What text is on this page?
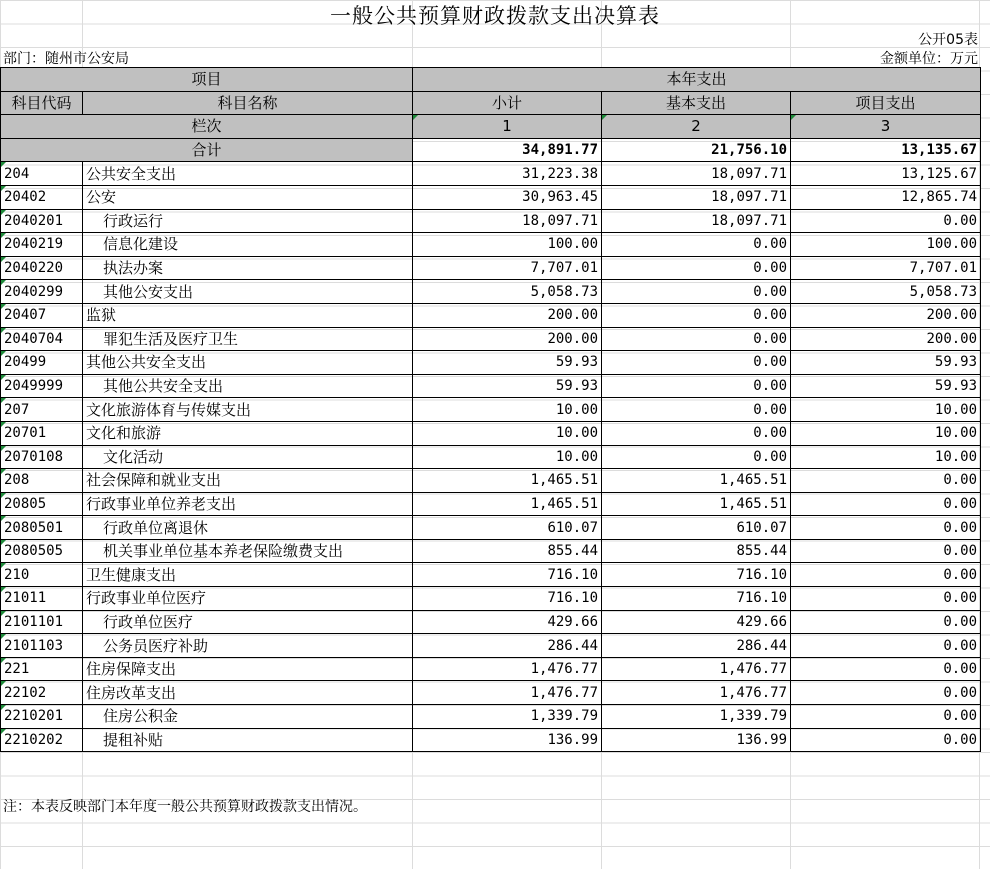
一般公共预算财政拨款支出决算表
公开05表
部门：随州市公安局	金额单位：万元
项目		本年支出		
科目代码	科目名称	小计	基本支出	项目支出
栏次		1	2	3
合计		34,891.77	21,756.10	13,135.67
204	公共安全支出	31,223.38	18,097.71	13,125.67
20402	公安	30,963.45	18,097.71	12,865.74
2040201	行政运行	18,097.71	18,097.71	0.00
2040219	信息化建设	100.00	0.00	100.00
2040220	执法办案	7,707.01	0.00	7,707.01
2040299	其他公安支出	5,058.73	0.00	5,058.73
20407	监狱	200.00	0.00	200.00
2040704	罪犯生活及医疗卫生	200.00	0.00	200.00
20499	其他公共安全支出	59.93	0.00	59.93
2049999	其他公共安全支出	59.93	0.00	59.93
207	文化旅游体育与传媒支出	10.00	0.00	10.00
20701	文化和旅游	10.00	0.00	10.00
2070108	文化活动	10.00	0.00	10.00
208	社会保障和就业支出	1,465.51	1,465.51	0.00
20805	行政事业单位养老支出	1,465.51	1,465.51	0.00
2080501	行政单位离退休	610.07	610.07	0.00
2080505	机关事业单位基本养老保险缴费支出	855.44	855.44	0.00
210	卫生健康支出	716.10	716.10	0.00
21011	行政事业单位医疗	716.10	716.10	0.00
2101101	行政单位医疗	429.66	429.66	0.00
2101103	公务员医疗补助	286.44	286.44	0.00
221	住房保障支出	1,476.77	1,476.77	0.00
22102	住房改革支出	1,476.77	1,476.77	0.00
2210201	住房公积金	1,339.79	1,339.79	0.00
2210202	提租补贴	136.99	136.99	0.00
注：本表反映部门本年度一般公共预算财政拨款支出情况。
